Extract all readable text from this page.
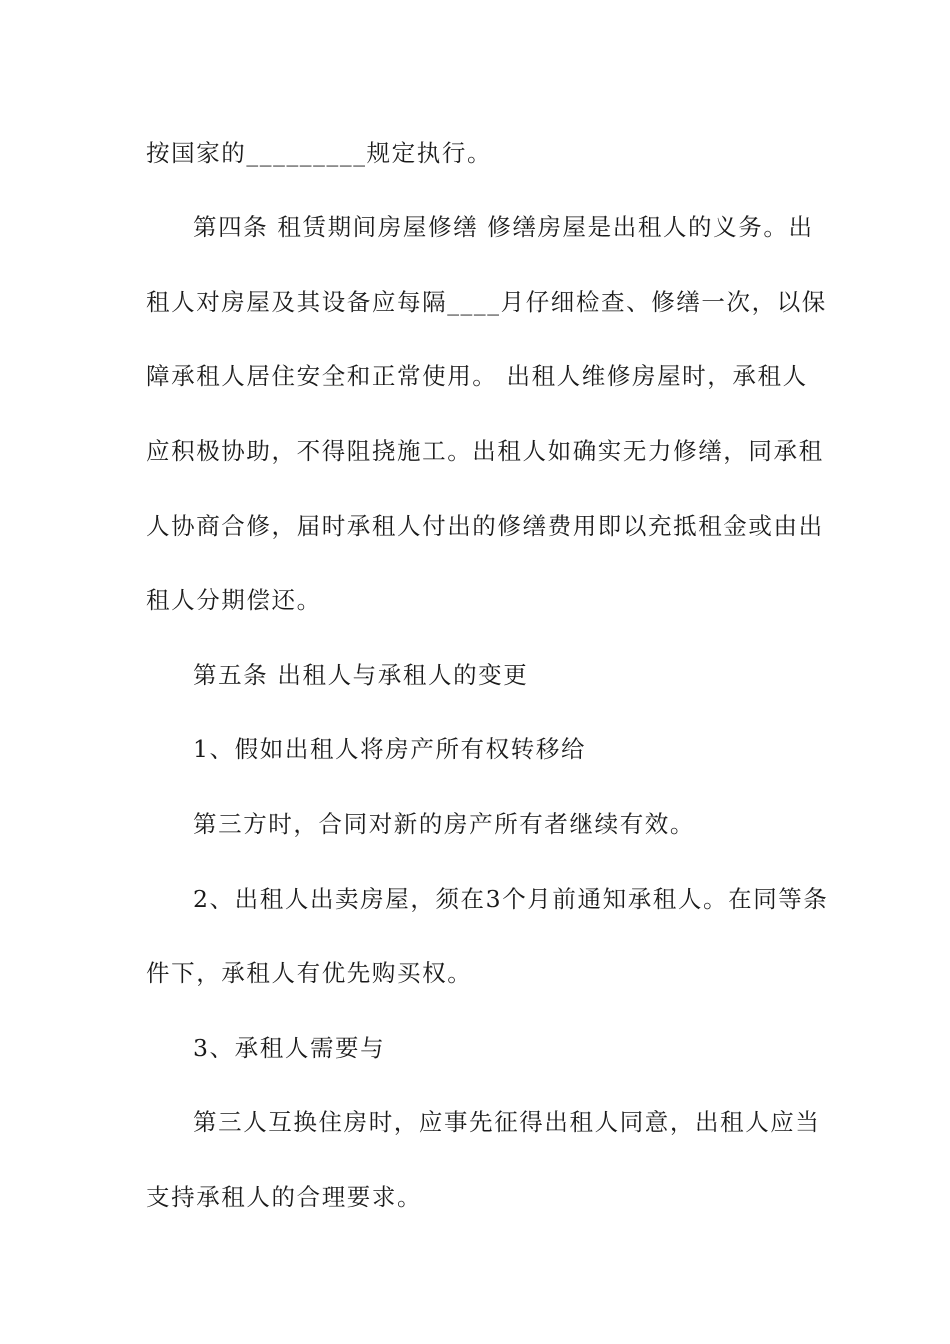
按国家的_________规定执行。
第四条 租赁期间房屋修缮 修缮房屋是出租人的义务。出
租人对房屋及其设备应每隔____月仔细检查、修缮一次，以保
障承租人居住安全和正常使用。 出租人维修房屋时，承租人
应积极协助，不得阻挠施工。出租人如确实无力修缮，同承租
人协商合修，届时承租人付出的修缮费用即以充抵租金或由出
租人分期偿还。
第五条 出租人与承租人的变更
1、假如出租人将房产所有权转移给
第三方时，合同对新的房产所有者继续有效。
2、出租人出卖房屋，须在3个月前通知承租人。在同等条
件下，承租人有优先购买权。
3、承租人需要与
第三人互换住房时，应事先征得出租人同意，出租人应当
支持承租人的合理要求。
